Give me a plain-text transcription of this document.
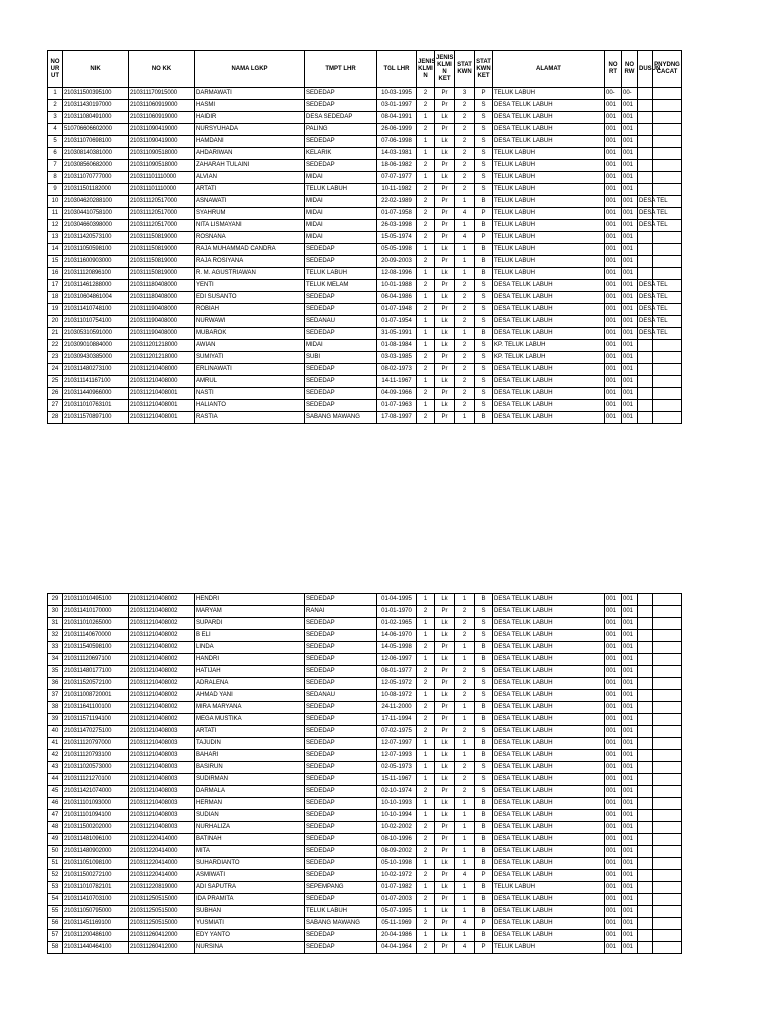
NO UR UT	NIK	NO KK	NAMA LGKP	TMPT LHR	TGL LHR	JENIS KLMI N	JENIS KLMI N KET	STAT KWN	STAT KWN KET	ALAMAT	NO RT	NO RW	DUSUN	PNYDNG CACAT
1	210311500395100	210311170915000	DARMAWATI	SEDEDAP	10-03-1995	2	Pr	3	P	TELUK LABUH	00-	00-		
2	210311430197000	210311060919000	HASMI	SEDEDAP	03-01-1997	2	Pr	2	S	DESA TELUK LABUH	001	001		
3	210311080491000	210311060919000	HAIDIR	DESA SEDEDAP	08-04-1991	1	Lk	2	S	DESA TELUK LABUH	001	001		
4	510706606602000	210311090419000	NURSYUHADA	PALING	26-06-1999	2	Pr	2	S	DESA TELUK LABUH	001	001		
5	210311070698100	210311090419000	HAMDANI	SEDEDAP	07-06-1998	1	Lk	2	S	DESA TELUK LABUH	001	001		
6	210308140381000	210311090518000	AHDARIWAN	KELARIK	14-03-1981	1	Lk	2	S	TELUK LABUH	001	001		
7	210308560682000	210311090518000	ZAHARAH TULAINI	SEDEDAP	18-06-1982	2	Pr	2	S	TELUK LABUH	001	001		
8	210311070777000	210311101110000	ALVIAN	MIDAI	07-07-1977	1	Lk	2	S	TELUK LABUH	001	001		
9	210311501182000	210311101110000	ARTATI	TELUK LABUH	10-11-1982	2	Pr	2	S	TELUK LABUH	001	001		
10	210304620288100	210311120517000	ASNAWATI	MIDAI	22-02-1989	2	Pr	1	B	TELUK LABUH	001	001	DESA TEL	
11	210304410758100	210311120517000	SYAHRUM	MIDAI	01-07-1958	2	Pr	4	P	TELUK LABUH	001	001	DESA TEL	
12	210304660398000	210311120517000	NITA LISMAYANI	MIDAI	26-03-1998	2	Pr	1	B	TELUK LABUH	001	001	DESA TEL	
13	210311420573100	210311150819000	ROSNANA	MIDAI	15-05-1974	2	Pr	4	P	TELUK LABUH	001	001		
14	210311050598100	210311150819000	RAJA MUHAMMAD CANDRA	SEDEDAP	05-05-1998	1	Lk	1	B	TELUK LABUH	001	001		
15	210311600903000	210311150819000	RAJA ROSIYANA	SEDEDAP	20-09-2003	2	Pr	1	B	TELUK LABUH	001	001		
16	210311120896100	210311150819000	R. M. AGUSTRIAWAN	TELUK LABUH	12-08-1996	1	Lk	1	B	TELUK LABUH	001	001		
17	210311461288000	210311180408000	YENTI	TELUK MELAM	10-01-1988	2	Pr	2	S	DESA TELUK LABUH	001	001	DESA TEL	
18	210310604861004	210311180408000	EDI SUSANTO	SEDEDAP	06-04-1986	1	Lk	2	S	DESA TELUK LABUH	001	001	DESA TEL	
19	210311410748100	210311190408000	ROBIAH	SEDEDAP	01-07-1948	2	Pr	2	S	DESA TELUK LABUH	001	001	DESA TEL	
20	210311010754100	210311190408000	NURWAWI	SEDANAU	01-07-1954	1	Lk	2	S	DESA TELUK LABUH	001	001	DESA TEL	
21	210305310591000	210311190408000	MUBAROK	SEDEDAP	31-05-1991	1	Lk	1	B	DESA TELUK LABUH	001	001	DESA TEL	
22	210309010884000	210311201218000	AWIAN	MIDAI	01-08-1984	1	Lk	2	S	KP. TELUK LABUH	001	001		
23	210309430385000	210311201218000	SUMIYATI	SUBI	03-03-1985	2	Pr	2	S	KP. TELUK LABUH	001	001		
24	210311480273100	210311210408000	ERLINAWATI	SEDEDAP	08-02-1973	2	Pr	2	S	DESA TELUK LABUH	001	001		
25	210311141167100	210311210408000	AMRUL	SEDEDAP	14-11-1967	1	Lk	2	S	DESA TELUK LABUH	001	001		
26	210311440966000	210311210408001	NASTI	SEDEDAP	04-09-1966	2	Pr	2	S	DESA TELUK LABUH	001	001		
27	210311010763101	210311210408001	HALIANTO	SEDEDAP	01-07-1963	1	Lk	2	S	DESA TELUK LABUH	001	001		
28	210311570897100	210311210408001	RASTIA	SABANG MAWANG	17-08-1997	2	Pr	1	B	DESA TELUK LABUH	001	001		
29	210311010495100	210311210408002	HENDRI	SEDEDAP	01-04-1995	1	Lk	1	B	DESA TELUK LABUH	001	001		
30	210311410170000	210311210408002	MARYAM	RANAI	01-01-1970	2	Pr	2	S	DESA TELUK LABUH	001	001		
31	210311010265000	210311210408002	SUPARDI	SEDEDAP	01-02-1965	1	Lk	2	S	DESA TELUK LABUH	001	001		
32	210311140670000	210311210408002	B ELI	SEDEDAP	14-06-1970	1	Lk	2	S	DESA TELUK LABUH	001	001		
33	210311540598100	210311210408002	LINDA	SEDEDAP	14-05-1998	2	Pr	1	B	DESA TELUK LABUH	001	001		
34	210311120697100	210311210408002	HANDRI	SEDEDAP	12-06-1997	1	Lk	1	B	DESA TELUK LABUH	001	001		
35	210311480177100	210311210408002	HATIJAH	SEDEDAP	08-01-1977	2	Pr	2	S	DESA TELUK LABUH	001	001		
36	210311520572100	210311210408002	ADRALENA	SEDEDAP	12-05-1972	2	Pr	2	S	DESA TELUK LABUH	001	001		
37	210311008720001	210311210408002	AHMAD YANI	SEDANAU	10-08-1972	1	Lk	2	S	DESA TELUK LABUH	001	001		
38	210311641100100	210311210408002	MIRA MARYANA	SEDEDAP	24-11-2000	2	Pr	1	B	DESA TELUK LABUH	001	001		
39	210311571194100	210311210408002	MEGA MUSTIKA	SEDEDAP	17-11-1994	2	Pr	1	B	DESA TELUK LABUH	001	001		
40	210311470275100	210311210408003	ARTATI	SEDEDAP	07-02-1975	2	Pr	2	S	DESA TELUK LABUH	001	001		
41	210311120797000	210311210408003	TAJUDIN	SEDEDAP	12-07-1997	1	Lk	1	B	DESA TELUK LABUH	001	001		
42	210311120793100	210311210408003	BAHARI	SEDEDAP	12-07-1993	1	Lk	1	B	DESA TELUK LABUH	001	001		
43	210311020573000	210311210408003	BASIRUN	SEDEDAP	02-05-1973	1	Lk	2	S	DESA TELUK LABUH	001	001		
44	210311121270100	210311210408003	SUDIRMAN	SEDEDAP	15-11-1967	1	Lk	2	S	DESA TELUK LABUH	001	001		
45	210311421074000	210311210408003	DARMALA	SEDEDAP	02-10-1974	2	Pr	2	S	DESA TELUK LABUH	001	001		
46	210311101093000	210311210408003	HERMAN	SEDEDAP	10-10-1993	1	Lk	1	B	DESA TELUK LABUH	001	001		
47	210311101094100	210311210408003	SUDIAN	SEDEDAP	10-10-1994	1	Lk	1	B	DESA TELUK LABUH	001	001		
48	210311500202000	210311210408003	NURHALIZA	SEDEDAP	10-02-2002	2	Pr	1	B	DESA TELUK LABUH	001	001		
49	210311481096100	210311220414000	BATINAH	SEDEDAP	08-10-1996	2	Pr	1	B	DESA TELUK LABUH	001	001		
50	210311480902000	210311220414000	MITA	SEDEDAP	08-09-2002	2	Pr	1	B	DESA TELUK LABUH	001	001		
51	210311051098100	210311220414000	SUHARDIANTO	SEDEDAP	05-10-1998	1	Lk	1	B	DESA TELUK LABUH	001	001		
52	210311500272100	210311220414000	ASMIWATI	SEDEDAP	10-02-1972	2	Pr	4	P	DESA TELUK LABUH	001	001		
53	210311010782101	210311220819000	ADI SAPUTRA	SEPEMPANG	01-07-1982	1	Lk	1	B	TELUK LABUH	001	001		
54	210311410703100	210311250515000	IDA PRAMITA	SEDEDAP	01-07-2003	2	Pr	1	B	DESA TELUK LABUH	001	001		
55	210311050795000	210311250515000	SUBHAN	TELUK LABUH	05-07-1995	1	Lk	1	B	DESA TELUK LABUH	001	001		
56	210311451169100	210311250515000	YUSMIATI	SABANG MAWANG	05-11-1969	2	Pr	4	P	DESA TELUK LABUH	001	001		
57	210311200486100	210311260412000	EDY YANTO	SEDEDAP	20-04-1986	1	Lk	1	B	DESA TELUK LABUH	001	001		
58	210311440464100	210311260412000	NURSINA	SEDEDAP	04-04-1964	2	Pr	4	P	TELUK LABUH	001	001		
